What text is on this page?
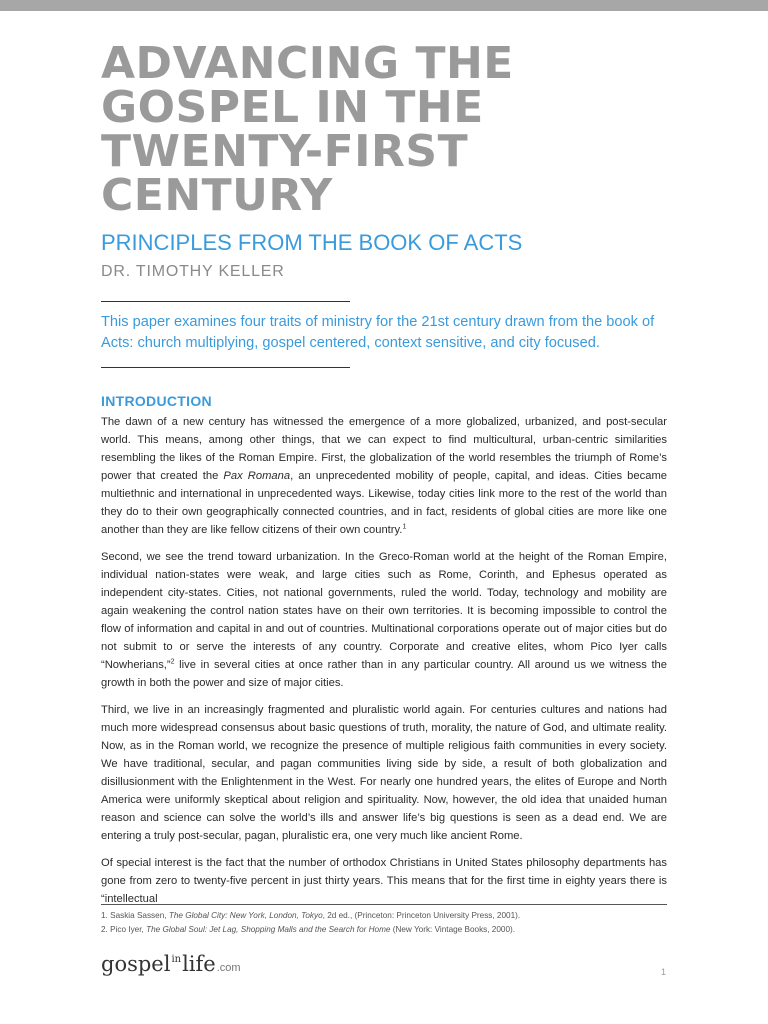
ADVANCING THE
GOSPEL IN THE
TWENTY-FIRST
CENTURY
PRINCIPLES FROM THE BOOK OF ACTS
DR. TIMOTHY KELLER

This paper examines four traits of ministry for the 21st century drawn from the book of Acts: church multiplying, gospel centered, context sensitive, and city focused.

INTRODUCTION

The dawn of a new century has witnessed the emergence of a more globalized, urbanized, and post-secular world. This means, among other things, that we can expect to find multicultural, urban-centric similarities resembling the likes of the Roman Empire. First, the globalization of the world resembles the triumph of Rome’s power that created the Pax Romana, an unprecedented mobility of people, capital, and ideas. Cities became multiethnic and international in unprecedented ways. Likewise, today cities link more to the rest of the world than they do to their own geographically connected countries, and in fact, residents of global cities are more like one another than they are like fellow citizens of their own country.$^1$

Second, we see the trend toward urbanization. In the Greco-Roman world at the height of the Roman Empire, individual nation-states were weak, and large cities such as Rome, Corinth, and Ephesus operated as independent city-states. Cities, not national governments, ruled the world. Today, technology and mobility are again weakening the control nation states have on their own territories. It is becoming impossible to control the flow of information and capital in and out of countries. Multinational corporations operate out of major cities but do not submit to or serve the interests of any country. Corporate and creative elites, whom Pico Iyer calls “Nowherians,”$^2$ live in several cities at once rather than in any particular country. All around us we witness the growth in both the power and size of major cities.

Third, we live in an increasingly fragmented and pluralistic world again. For centuries cultures and nations had much more widespread consensus about basic questions of truth, morality, the nature of God, and ultimate reality. Now, as in the Roman world, we recognize the presence of multiple religious faith communities in every society. We have traditional, secular, and pagan communities living side by side, a result of both globalization and disillusionment with the Enlightenment in the West. For nearly one hundred years, the elites of Europe and North America were uniformly skeptical about religion and spirituality. Now, however, the old idea that unaided human reason and science can solve the world’s ills and answer life’s big questions is seen as a dead end. We are entering a truly post-secular, pagan, pluralistic era, one very much like ancient Rome.

Of special interest is the fact that the number of orthodox Christians in United States philosophy departments has gone from zero to twenty-five percent in just thirty years. This means that for the first time in eighty years there is “intellectual

1. Saskia Sassen, The Global City: New York, London, Tokyo, 2d ed., (Princeton: Princeton University Press, 2001).
2. Pico Iyer, The Global Soul: Jet Lag, Shopping Malls and the Search for Home (New York: Vintage Books, 2000).
gospel in life .com	1
